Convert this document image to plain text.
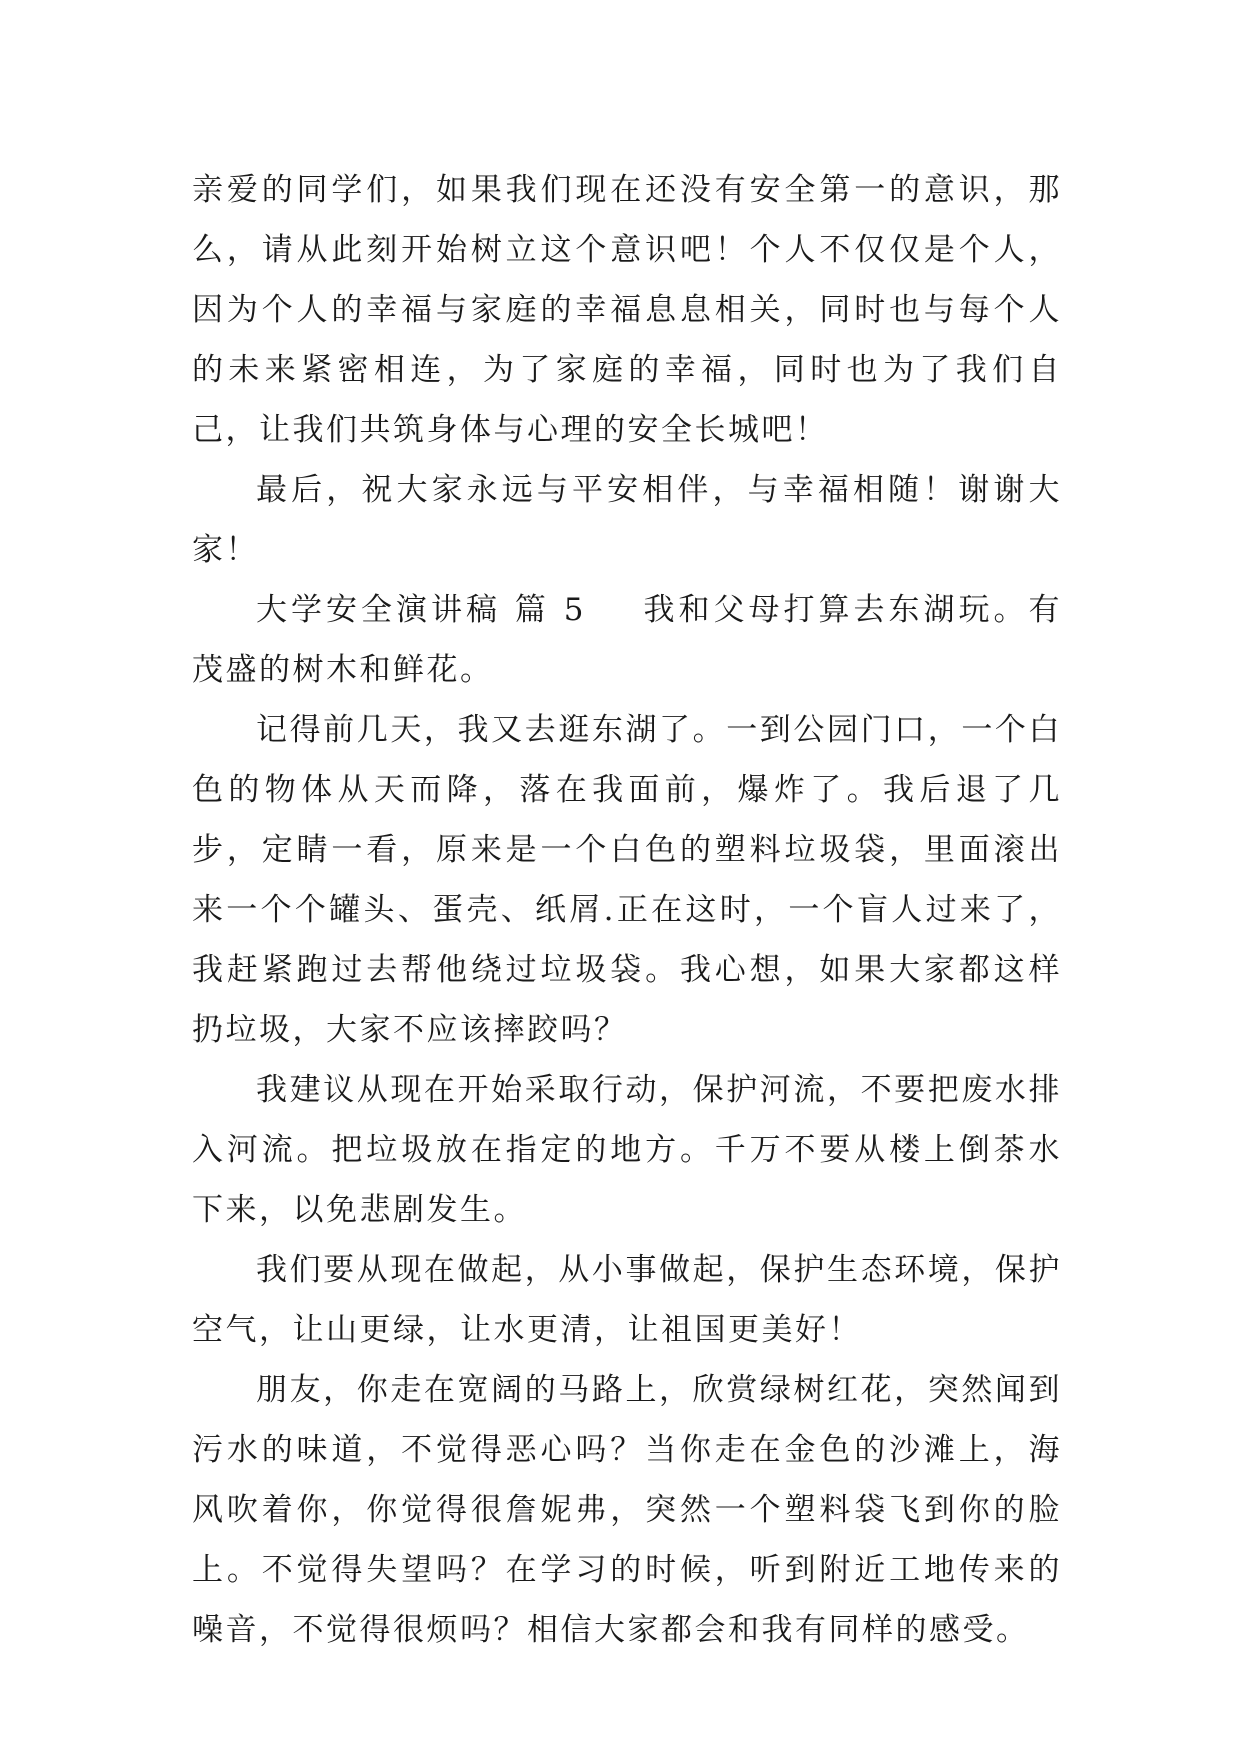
亲爱的同学们，如果我们现在还没有安全第一的意识，那么，请从此刻开始树立这个意识吧！个人不仅仅是个人，因为个人的幸福与家庭的幸福息息相关，同时也与每个人的未来紧密相连，为了家庭的幸福，同时也为了我们自己，让我们共筑身体与心理的安全长城吧！

最后，祝大家永远与平安相伴，与幸福相随！谢谢大家！

大学安全演讲稿 篇 5 我和父母打算去东湖玩。有茂盛的树木和鲜花。

记得前几天，我又去逛东湖了。一到公园门口，一个白色的物体从天而降，落在我面前，爆炸了。我后退了几步，定睛一看，原来是一个白色的塑料垃圾袋，里面滚出来一个个罐头、蛋壳、纸屑.正在这时，一个盲人过来了，我赶紧跑过去帮他绕过垃圾袋。我心想，如果大家都这样扔垃圾，大家不应该摔跤吗？

我建议从现在开始采取行动，保护河流，不要把废水排入河流。把垃圾放在指定的地方。千万不要从楼上倒茶水下来，以免悲剧发生。

我们要从现在做起，从小事做起，保护生态环境，保护空气，让山更绿，让水更清，让祖国更美好！

朋友，你走在宽阔的马路上，欣赏绿树红花，突然闻到污水的味道，不觉得恶心吗？当你走在金色的沙滩上，海风吹着你，你觉得很詹妮弗，突然一个塑料袋飞到你的脸上。不觉得失望吗？在学习的时候，听到附近工地传来的噪音，不觉得很烦吗？相信大家都会和我有同样的感受。
